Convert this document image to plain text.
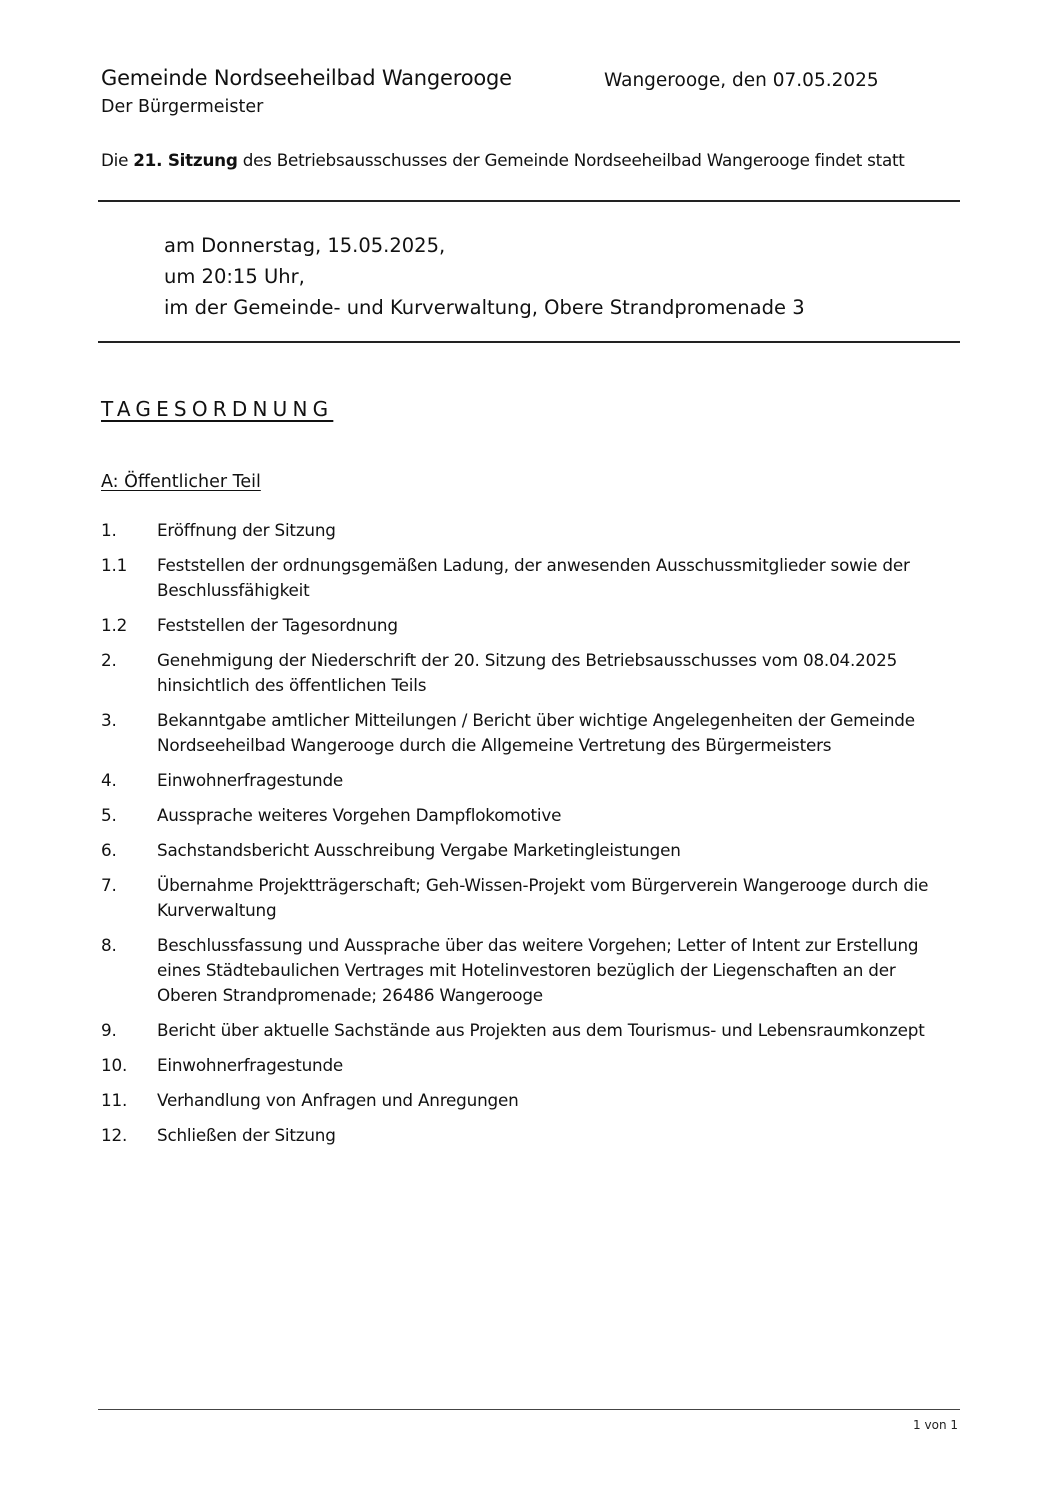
Gemeinde Nordseeheilbad Wangerooge
Der Bürgermeister
Wangerooge, den 07.05.2025
Die 21. Sitzung des Betriebsausschusses der Gemeinde Nordseeheilbad Wangerooge findet statt
am Donnerstag, 15.05.2025,
um 20:15 Uhr,
im der Gemeinde- und Kurverwaltung, Obere Strandpromenade 3
TAGESORDNUNG
A: Öffentlicher Teil
1.	Eröffnung der Sitzung
1.1	Feststellen der ordnungsgemäßen Ladung, der anwesenden Ausschussmitglieder sowie der Beschlussfähigkeit
1.2	Feststellen der Tagesordnung
2.	Genehmigung der Niederschrift der 20. Sitzung des Betriebsausschusses vom 08.04.2025 hinsichtlich des öffentlichen Teils
3.	Bekanntgabe amtlicher Mitteilungen / Bericht über wichtige Angelegenheiten der Gemeinde Nordseeheilbad Wangerooge durch die Allgemeine Vertretung des Bürgermeisters
4.	Einwohnerfragestunde
5.	Aussprache weiteres Vorgehen Dampflokomotive
6.	Sachstandsbericht Ausschreibung Vergabe Marketingleistungen
7.	Übernahme Projektträgerschaft; Geh-Wissen-Projekt vom Bürgerverein Wangerooge durch die Kurverwaltung
8.	Beschlussfassung und Aussprache über das weitere Vorgehen; Letter of Intent zur Erstellung eines Städtebaulichen Vertrages mit Hotelinvestoren bezüglich der Liegenschaften an der Oberen Strandpromenade; 26486 Wangerooge
9.	Bericht über aktuelle Sachstände aus Projekten aus dem Tourismus- und Lebensraumkonzept
10.	Einwohnerfragestunde
11.	Verhandlung von Anfragen und Anregungen
12.	Schließen der Sitzung
1 von 1
